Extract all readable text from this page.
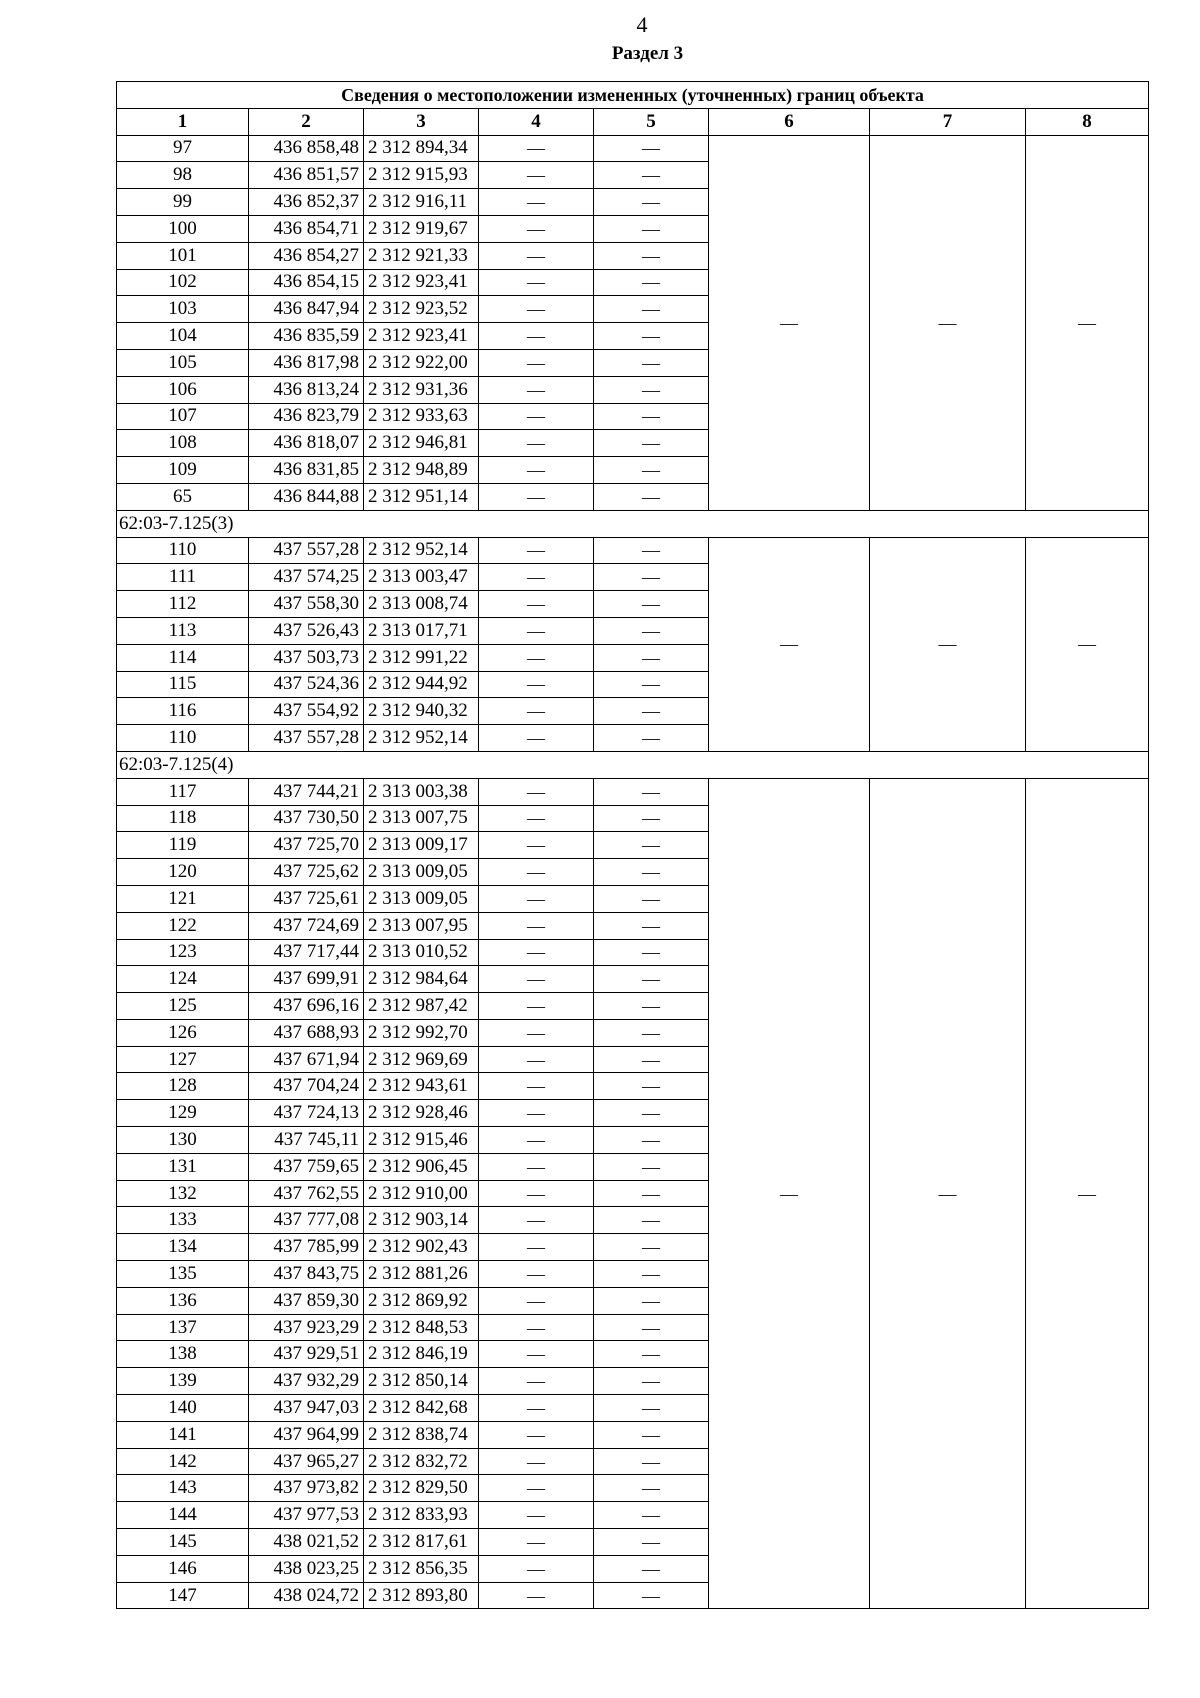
4
Раздел 3
Сведения о местоположении измененных (уточненных) границ объекта							
1	2	3	4	5	6	7	8
97	436 858,48	2 312 894,34	—	—	—	—	—
98	436 851,57	2 312 915,93	—	—			
99	436 852,37	2 312 916,11	—	—			
100	436 854,71	2 312 919,67	—	—			
101	436 854,27	2 312 921,33	—	—			
102	436 854,15	2 312 923,41	—	—			
103	436 847,94	2 312 923,52	—	—			
104	436 835,59	2 312 923,41	—	—			
105	436 817,98	2 312 922,00	—	—			
106	436 813,24	2 312 931,36	—	—			
107	436 823,79	2 312 933,63	—	—			
108	436 818,07	2 312 946,81	—	—			
109	436 831,85	2 312 948,89	—	—			
65	436 844,88	2 312 951,14	—	—			
62:03-7.125(3)							
110	437 557,28	2 312 952,14	—	—	—	—	—
111	437 574,25	2 313 003,47	—	—			
112	437 558,30	2 313 008,74	—	—			
113	437 526,43	2 313 017,71	—	—			
114	437 503,73	2 312 991,22	—	—			
115	437 524,36	2 312 944,92	—	—			
116	437 554,92	2 312 940,32	—	—			
110	437 557,28	2 312 952,14	—	—			
62:03-7.125(4)							
117	437 744,21	2 313 003,38	—	—	—	—	—
118	437 730,50	2 313 007,75	—	—			
119	437 725,70	2 313 009,17	—	—			
120	437 725,62	2 313 009,05	—	—			
121	437 725,61	2 313 009,05	—	—			
122	437 724,69	2 313 007,95	—	—			
123	437 717,44	2 313 010,52	—	—			
124	437 699,91	2 312 984,64	—	—			
125	437 696,16	2 312 987,42	—	—			
126	437 688,93	2 312 992,70	—	—			
127	437 671,94	2 312 969,69	—	—			
128	437 704,24	2 312 943,61	—	—			
129	437 724,13	2 312 928,46	—	—			
130	437 745,11	2 312 915,46	—	—			
131	437 759,65	2 312 906,45	—	—			
132	437 762,55	2 312 910,00	—	—			
133	437 777,08	2 312 903,14	—	—			
134	437 785,99	2 312 902,43	—	—			
135	437 843,75	2 312 881,26	—	—			
136	437 859,30	2 312 869,92	—	—			
137	437 923,29	2 312 848,53	—	—			
138	437 929,51	2 312 846,19	—	—			
139	437 932,29	2 312 850,14	—	—			
140	437 947,03	2 312 842,68	—	—			
141	437 964,99	2 312 838,74	—	—			
142	437 965,27	2 312 832,72	—	—			
143	437 973,82	2 312 829,50	—	—			
144	437 977,53	2 312 833,93	—	—			
145	438 021,52	2 312 817,61	—	—			
146	438 023,25	2 312 856,35	—	—			
147	438 024,72	2 312 893,80	—	—			
